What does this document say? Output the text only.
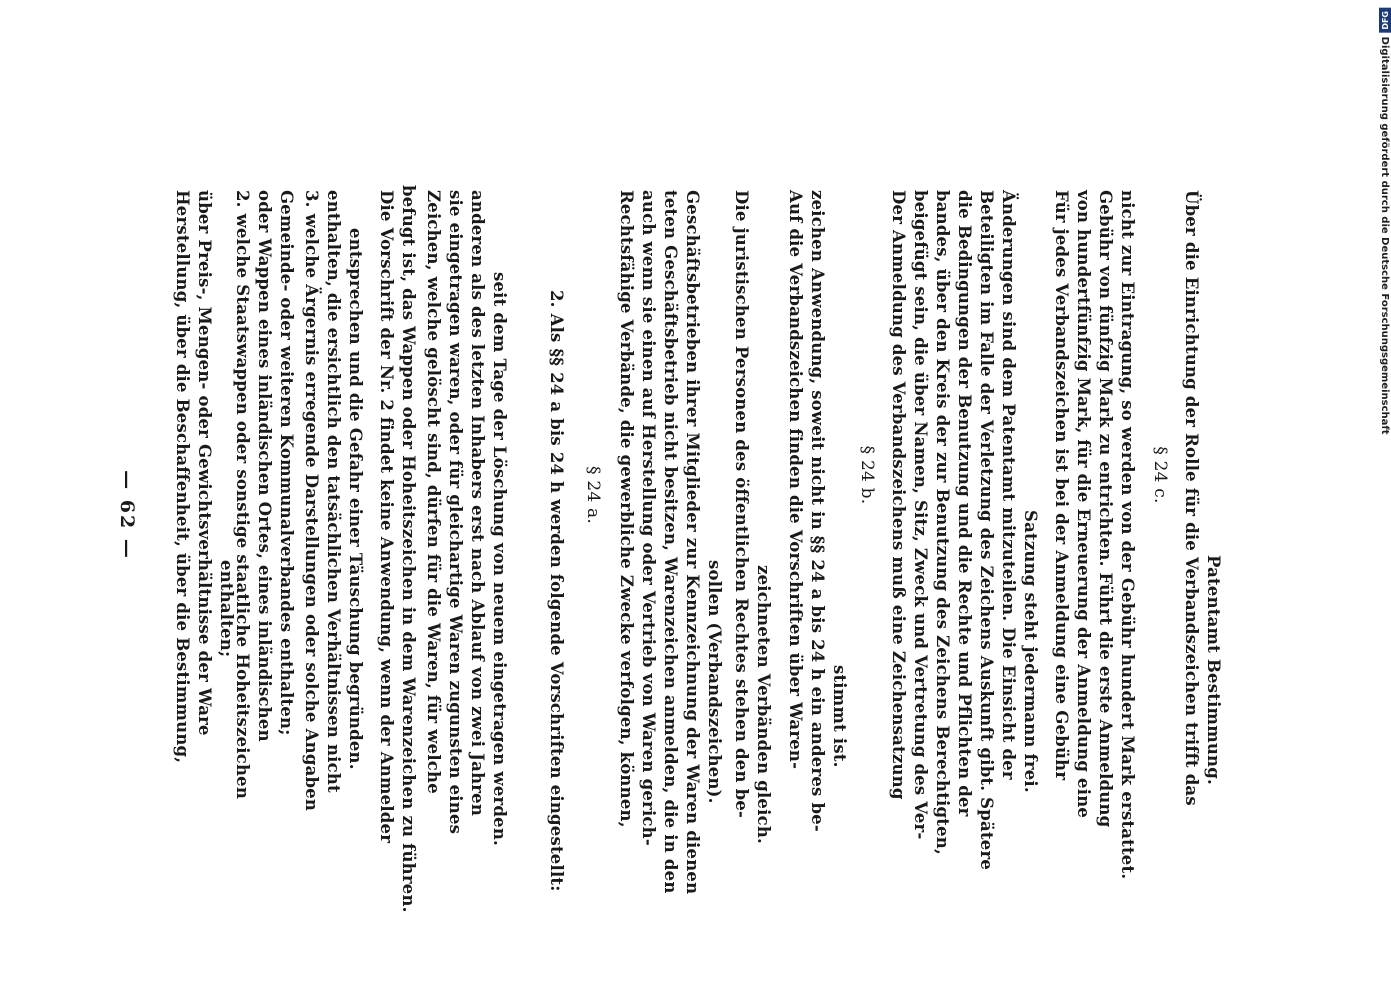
— 62 — Herstellung, über die Beschaffenheit, über die Bestimmung, über Preis-, Mengen- oder Gewichtsverhältnisse der Ware enthalten;
2. welche Staatswappen oder sonstige staatliche Hoheitszeichen oder Wappen eines inländischen Ortes, eines inländischen Gemeinde- oder weiteren Kommunalverbandes enthalten; 3. welche Ärgernis erregende Darstellungen oder solche Angaben enthalten, die ersichtlich den tatsächlichen Verhältnissen nicht entsprechen und die Gefahr einer Täuschung begründen. Die Vorschrift der Nr. 2 findet keine Anwendung, wenn der Anmelder befugt ist, das Wappen oder Hoheitszeichen in dem Warenzeichen zu führen. Zeichen, welche gelöscht sind, dürfen für die Waren, für welche sie eingetragen waren, oder für gleichartige Waren zugunsten eines anderen als des letzten Inhabers erst nach Ablauf von zwei Jahren seit dem Tage der Löschung von neuem eingetragen werden. 2. Als §§ 24 a bis 24 h werden folgende Vorschriften eingestellt: § 24 a. Rechtsfähige Verbände, die gewerbliche Zwecke verfolgen, können, auch wenn sie einen auf Herstellung oder Vertrieb von Waren gerich- teten Geschäftsbetrieb nicht besitzen, Warenzeichen anmelden, die in den Geschäftsbetrieben ihrer Mitglieder zur Kennzeichnung der Waren dienen sollen (Verbandszeichen). Die juristischen Personen des öffentlichen Rechtes stehen den be- zeichneten Verbänden gleich. Auf die Verbandszeichen finden die Vorschriften über Waren- zeichen Anwendung, soweit nicht in §§ 24 a bis 24 h ein anderes be- stimmt ist.
§ 24 b. Der Anmeldung des Verbandszeichens muß eine Zeichensatzung beigefügt sein, die über Namen, Sitz, Zweck und Vertretung des Ver- bandes, über den Kreis der zur Benutzung des Zeichens Berechtigten, die Bedingungen der Benutzung und die Rechte und Pflichten der Beteiligten im Falle der Verletzung des Zeichens Auskunft gibt. Spätere Änderungen sind dem Patentamt mitzuteilen. Die Einsicht der Satzung steht jedermann frei. Für jedes Verbandszeichen ist bei der Anmeldung eine Gebühr von hundertfünfzig Mark, für die Erneuerung der Anmeldung eine Gebühr von fünfzig Mark zu entrichten. Führt die erste Anmeldung nicht zur Eintragung, so werden von der Gebühr hundert Mark erstattet. § 24 c. Über die Einrichtung der Rolle für die Verbandszeichen trifft das Patentamt Bestimmung.
DFG
Digitalisierung gefördert durch die Deutsche Forschungsgemeinschaft
